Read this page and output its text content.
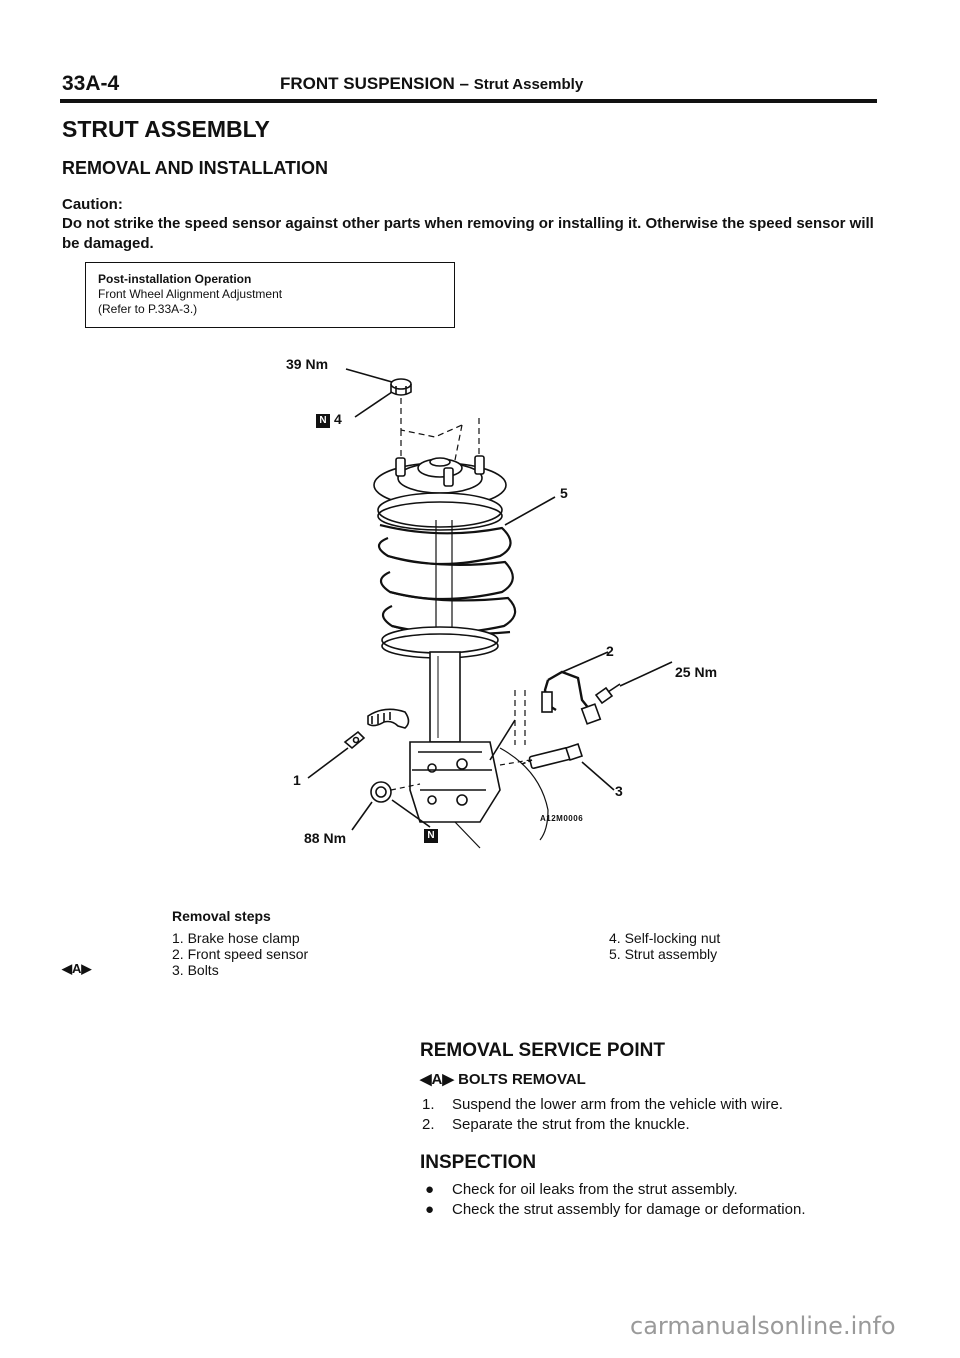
33A-4	FRONT SUSPENSION – Strut Assembly
STRUT ASSEMBLY
REMOVAL AND INSTALLATION
Caution:
Do not strike the speed sensor against other parts when removing or installing it. Otherwise the speed sensor will be damaged.
Post-installation Operation
Front Wheel Alignment Adjustment
(Refer to P.33A-3.)
39 Nm
N 4
5
2
25 Nm
1
3
A12M0006
88 Nm	N
Removal steps
◀A▶
1. Brake hose clamp
2. Front speed sensor
3. Bolts
4. Self-locking nut
5. Strut assembly
REMOVAL SERVICE POINT
◀A▶ BOLTS REMOVAL
1. Suspend the lower arm from the vehicle with wire.
2. Separate the strut from the knuckle.
INSPECTION
● Check for oil leaks from the strut assembly.
● Check the strut assembly for damage or deformation.
carmanualsonline.info
